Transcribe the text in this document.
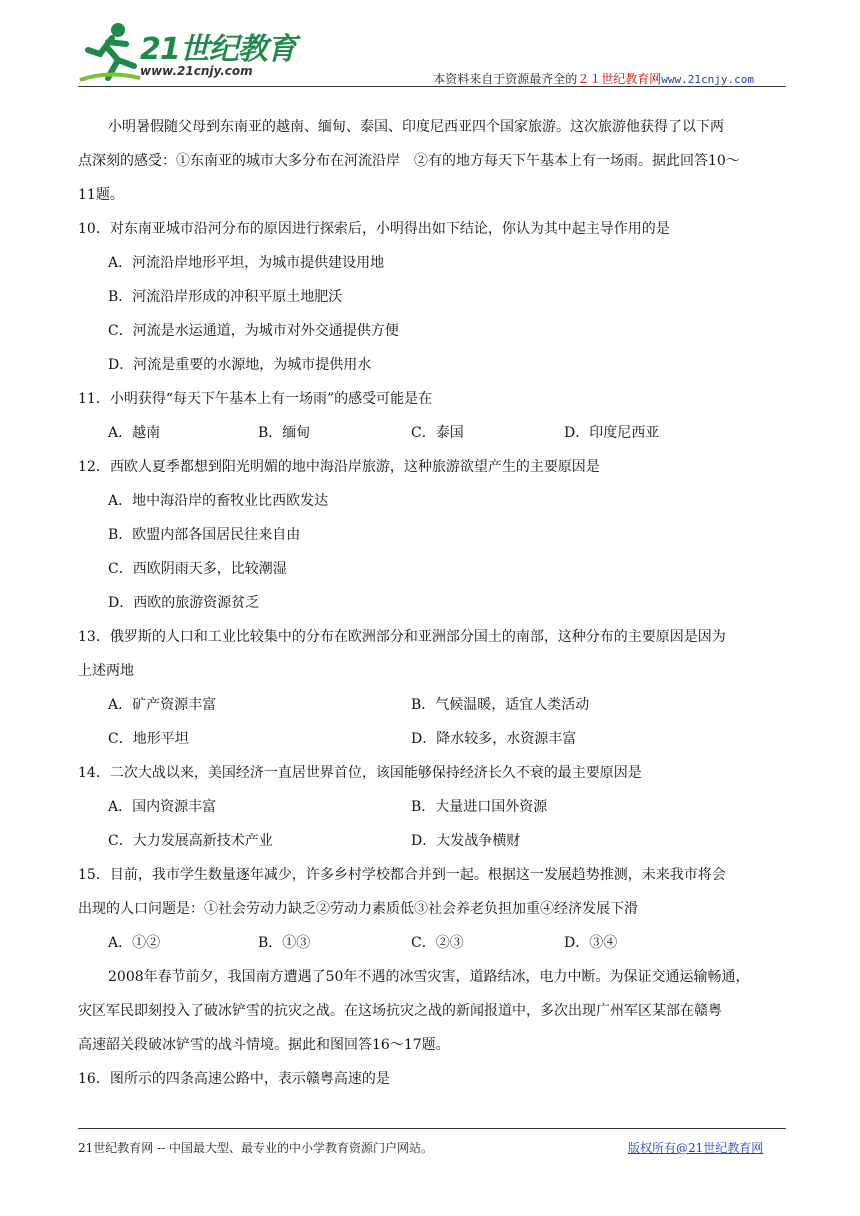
21世纪教育
www.21cnjy.com
本资料来自于资源最齐全的２１世纪教育网www.21cnjy.com
小明暑假随父母到东南亚的越南、缅甸、泰国、印度尼西亚四个国家旅游。这次旅游他获得了以下两
点深刻的感受：①东南亚的城市大多分布在河流沿岸　②有的地方每天下午基本上有一场雨。据此回答10～
11题。
10．对东南亚城市沿河分布的原因进行探索后，小明得出如下结论，你认为其中起主导作用的是
A．河流沿岸地形平坦，为城市提供建设用地
B．河流沿岸形成的冲积平原土地肥沃
C．河流是水运通道，为城市对外交通提供方便
D．河流是重要的水源地，为城市提供用水
11．小明获得“每天下午基本上有一场雨”的感受可能是在
A．越南	B．缅甸	C．泰国	D．印度尼西亚
12．西欧人夏季都想到阳光明媚的地中海沿岸旅游，这种旅游欲望产生的主要原因是
A．地中海沿岸的畜牧业比西欧发达
B．欧盟内部各国居民往来自由
C．西欧阴雨天多，比较潮湿
D．西欧的旅游资源贫乏
13．俄罗斯的人口和工业比较集中的分布在欧洲部分和亚洲部分国土的南部，这种分布的主要原因是因为
上述两地
A．矿产资源丰富	B．气候温暖，适宜人类活动
C．地形平坦	D．降水较多，水资源丰富
14．二次大战以来，美国经济一直居世界首位，该国能够保持经济长久不衰的最主要原因是
A．国内资源丰富	B．大量进口国外资源
C．大力发展高新技术产业	D．大发战争横财
15．目前，我市学生数量逐年减少，许多乡村学校都合并到一起。根据这一发展趋势推测，未来我市将会
出现的人口问题是：①社会劳动力缺乏②劳动力素质低③社会养老负担加重④经济发展下滑
A．①②	B．①③	C．②③	D．③④
2008年春节前夕，我国南方遭遇了50年不遇的冰雪灾害，道路结冰，电力中断。为保证交通运输畅通，
灾区军民即刻投入了破冰铲雪的抗灾之战。在这场抗灾之战的新闻报道中，多次出现广州军区某部在赣粤
高速韶关段破冰铲雪的战斗情境。据此和图回答16～17题。
16．图所示的四条高速公路中，表示赣粤高速的是
21世纪教育网 -- 中国最大型、最专业的中小学教育资源门户网站。	版权所有@21世纪教育网
